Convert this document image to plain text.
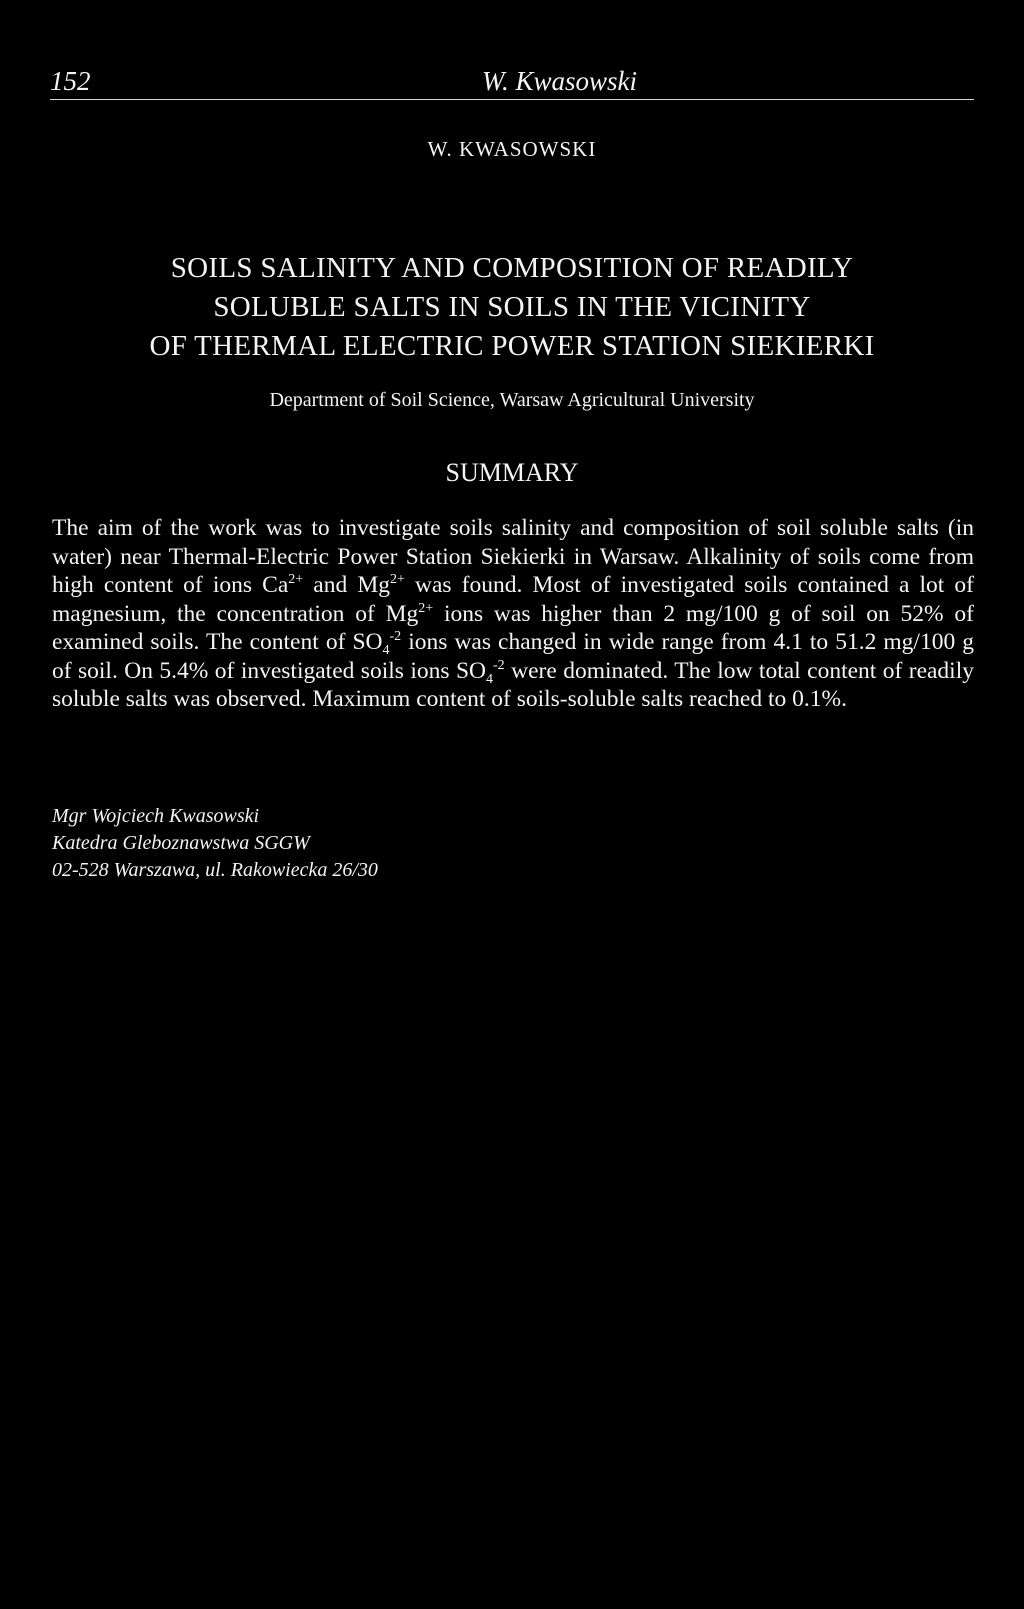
152	W. Kwasowski
W. KWASOWSKI
SOILS SALINITY AND COMPOSITION OF READILY
SOLUBLE SALTS IN SOILS IN THE VICINITY
OF THERMAL ELECTRIC POWER STATION SIEKIERKI
Department of Soil Science, Warsaw Agricultural University
SUMMARY
The aim of the work was to investigate soils salinity and composition of soil soluble salts (in water) near Thermal-Electric Power Station Siekierki in Warsaw. Alkalinity of soils come from high content of ions $Ca^{2+}$ and $Mg^{2+}$ was found. Most of investigated soils contained a lot of magnesium, the concentration of $Mg^{2+}$ ions was higher than 2 mg/100 g of soil on 52% of examined soils. The content of $SO_4^{-2}$ ions was changed in wide range from 4.1 to 51.2 mg/100 g of soil. On 5.4% of investigated soils ions $SO_4^{-2}$ were dominated. The low total content of readily soluble salts was observed. Maximum content of soils-soluble salts reached to 0.1%.
Mgr Wojciech Kwasowski
Katedra Gleboznawstwa SGGW
02-528 Warszawa, ul. Rakowiecka 26/30
